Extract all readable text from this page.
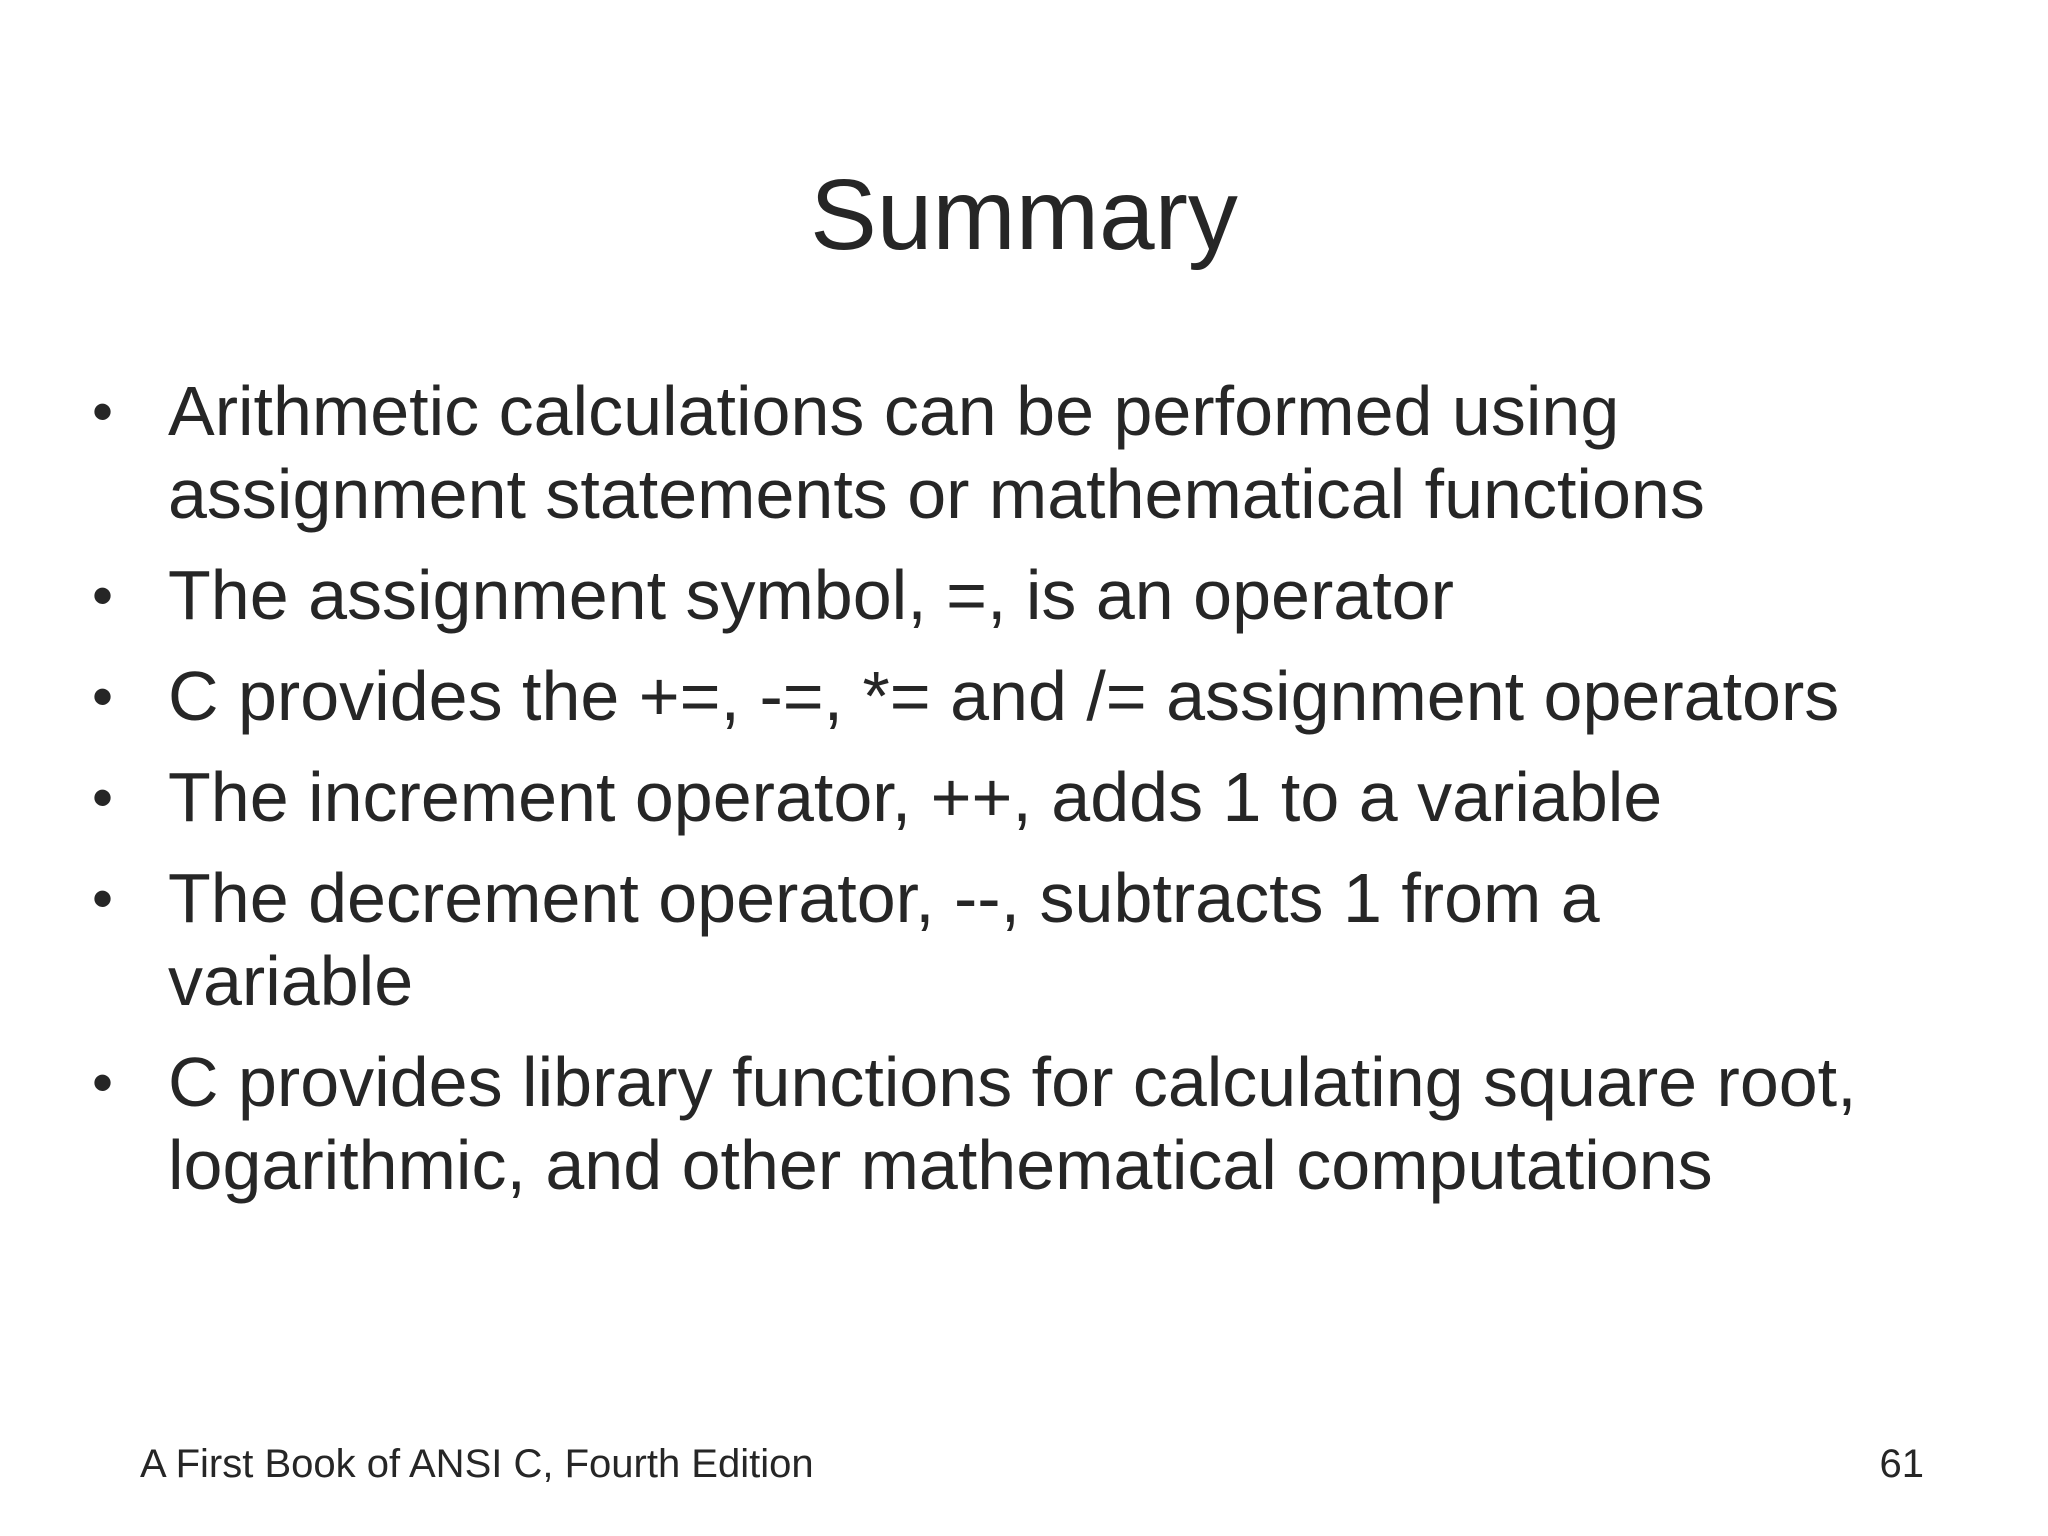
Summary
• Arithmetic calculations can be performed using
assignment statements or mathematical functions
• The assignment symbol, =, is an operator
• C provides the +=, -=, *= and /= assignment operators
• The increment operator, ++, adds 1 to a variable
• The decrement operator, --, subtracts 1 from a
variable
• C provides library functions for calculating square root,
logarithmic, and other mathematical computations
A First Book of ANSI C, Fourth Edition	61
